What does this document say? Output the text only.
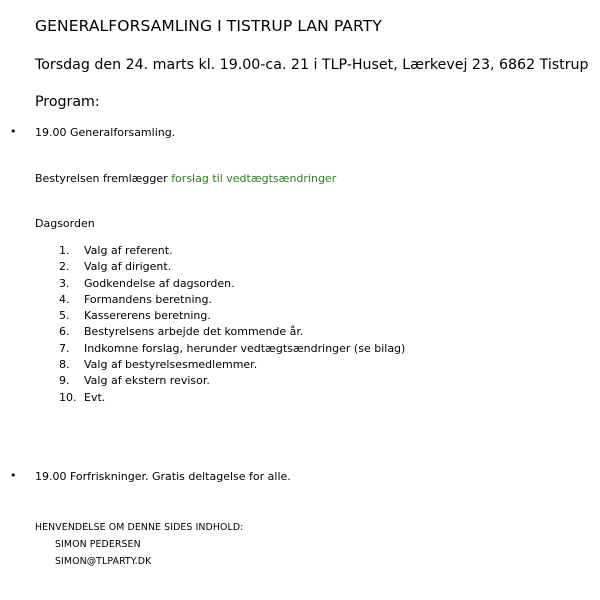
GENERALFORSAMLING I TISTRUP LAN PARTY
Torsdag den 24. marts kl. 19.00-ca. 21 i TLP-Huset, Lærkevej 23, 6862 Tistrup
Program:
• 19.00 Generalforsamling.
Bestyrelsen fremlægger forslag til vedtægtsændringer
Dagsorden
1.	Valg af referent.
2.	Valg af dirigent.
3.	Godkendelse af dagsorden.
4.	Formandens beretning.
5.	Kassererens beretning.
6.	Bestyrelsens arbejde det kommende år.
7.	Indkomne forslag, herunder vedtægtsændringer (se bilag)
8.	Valg af bestyrelsesmedlemmer.
9.	Valg af ekstern revisor.
10. Evt.
• 19.00 Forfriskninger. Gratis deltagelse for alle.
HENVENDELSE OM DENNE SIDES INDHOLD:
SIMON PEDERSEN
SIMON@TLPARTY.DK
